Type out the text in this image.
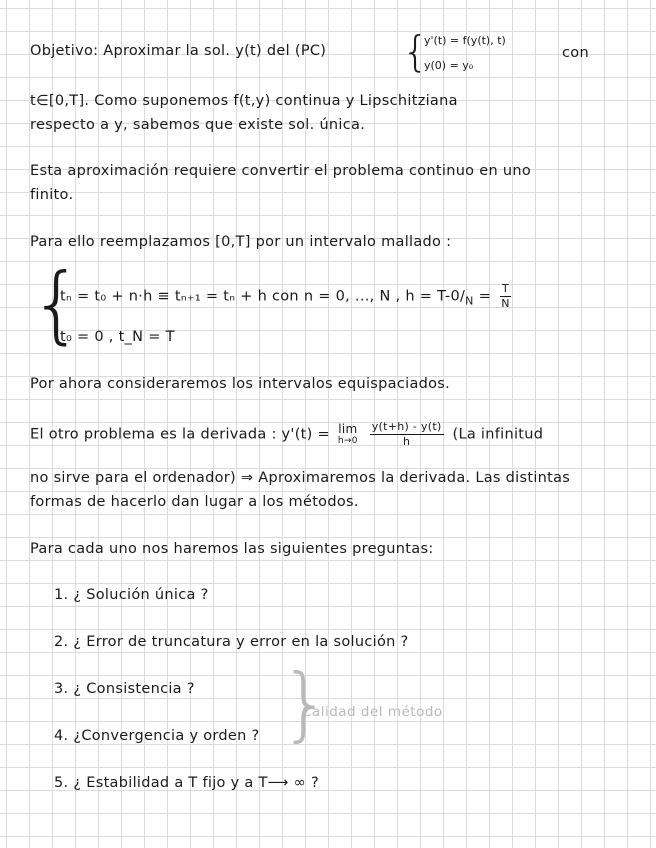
Objetivo: Aproximar la sol. y(t) del (PC) {
y'(t) = f(y(t), t)
y(0) = y₀
con
t∈[0,T]. Como suponemos f(t,y) continua y Lipschitziana
respecto a y, sabemos que existe sol. única.
Esta aproximación requiere convertir el problema continuo en uno
finito.
Para ello reemplazamos [0,T] por un intervalo mallado :
{
tₙ = t₀ + n·h ≡ tₙ₊₁ = tₙ + h con n = 0, ..., N , $h = T-0/_N = \frac{T}{N}$
t₀ = 0 , t_N = T
Por ahora consideraremos los intervalos equispaciados.
El otro problema es la derivada : y'(t) = lim
h→0
$\frac{y(t+h) - y(t)}{h} (La$ infinitud
no sirve para el ordenador) ⇒ Aproximaremos la derivada. Las distintas
formas de hacerlo dan lugar a los métodos.
Para cada uno nos haremos las siguientes preguntas:
1. ¿ Solución única ?
2. ¿ Error de truncatura y error en la solución ?
3. ¿ Consistencia ?
4. ¿Convergencia y orden ?
5. ¿ Estabilidad a T fijo y a T⟶ ∞ ?
}
Calidad del método
